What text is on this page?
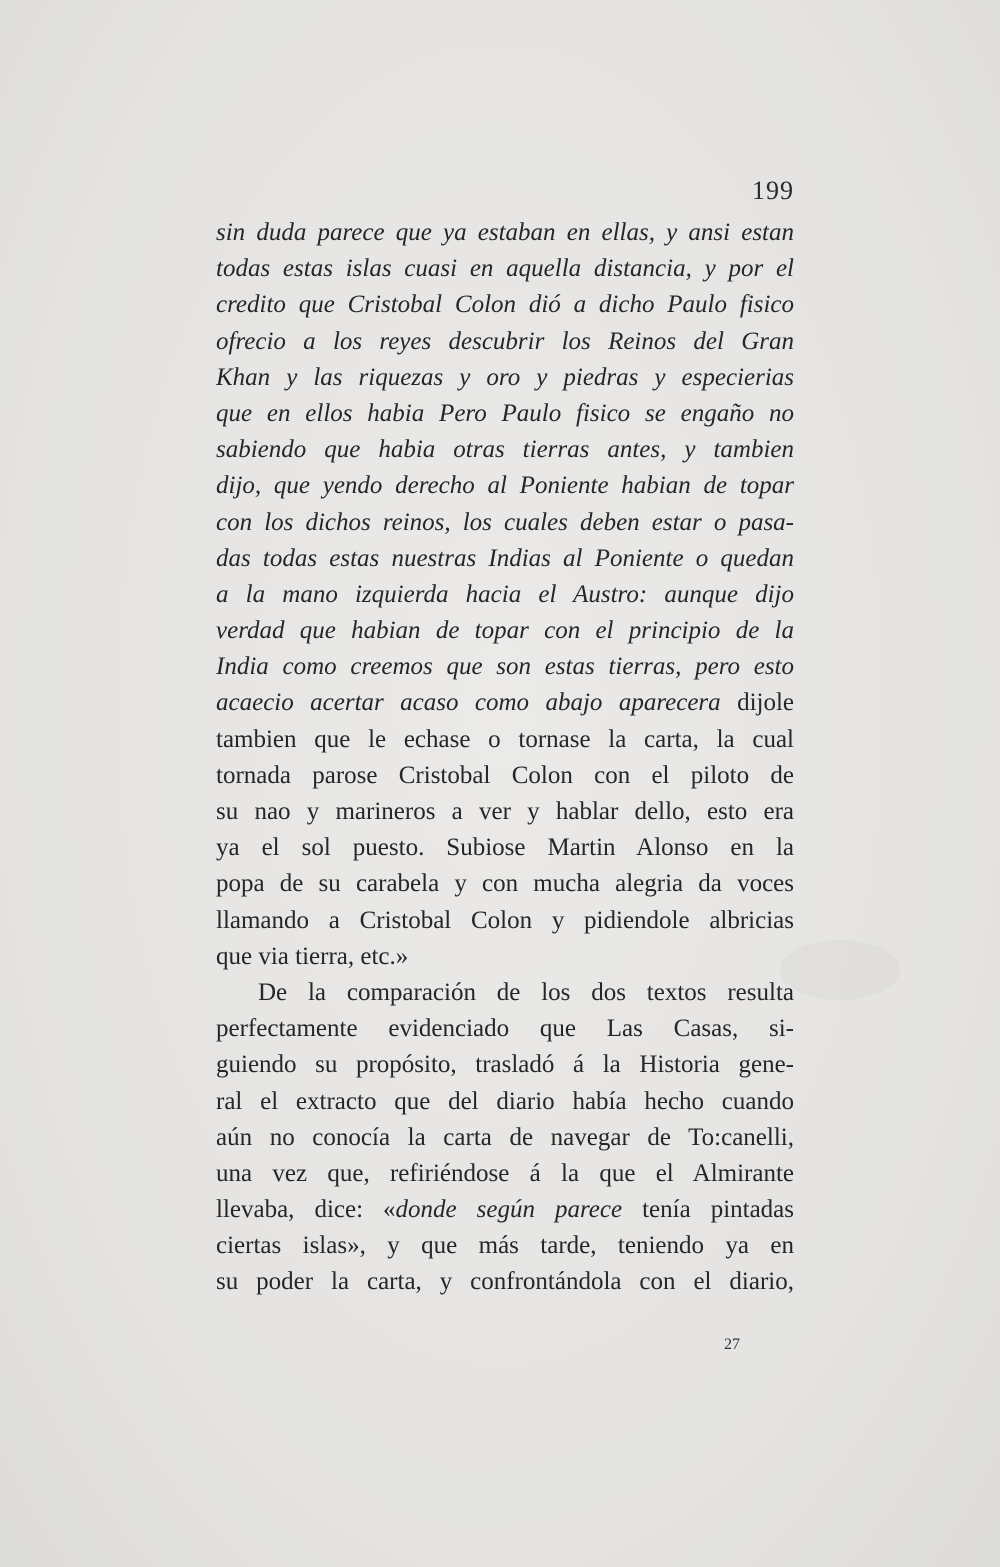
199
sin duda parece que ya estaban en ellas, y ansi estan
todas estas islas cuasi en aquella distancia, y por el
credito que Cristobal Colon dió a dicho Paulo fisico
ofrecio a los reyes descubrir los Reinos del Gran
Khan y las riquezas y oro y piedras y especierias
que en ellos habia Pero Paulo fisico se engaño no
sabiendo que habia otras tierras antes, y tambien
dijo, que yendo derecho al Poniente habian de topar
con los dichos reinos, los cuales deben estar o pasa-
das todas estas nuestras Indias al Poniente o quedan
a la mano izquierda hacia el Austro: aunque dijo
verdad que habian de topar con el principio de la
India como creemos que son estas tierras, pero esto
acaecio acertar acaso como abajo aparecera dijole
tambien que le echase o tornase la carta, la cual
tornada parose Cristobal Colon con el piloto de
su nao y marineros a ver y hablar dello, esto era
ya el sol puesto. Subiose Martin Alonso en la
popa de su carabela y con mucha alegria da voces
llamando a Cristobal Colon y pidiendole albricias
que via tierra, etc.»
De la comparación de los dos textos resulta
perfectamente evidenciado que Las Casas, si-
guiendo su propósito, trasladó á la Historia gene-
ral el extracto que del diario había hecho cuando
aún no conocía la carta de navegar de To:canelli,
una vez que, refiriéndose á la que el Almirante
llevaba, dice: «donde según parece tenía pintadas
ciertas islas», y que más tarde, teniendo ya en
su poder la carta, y confrontándola con el diario,
27
